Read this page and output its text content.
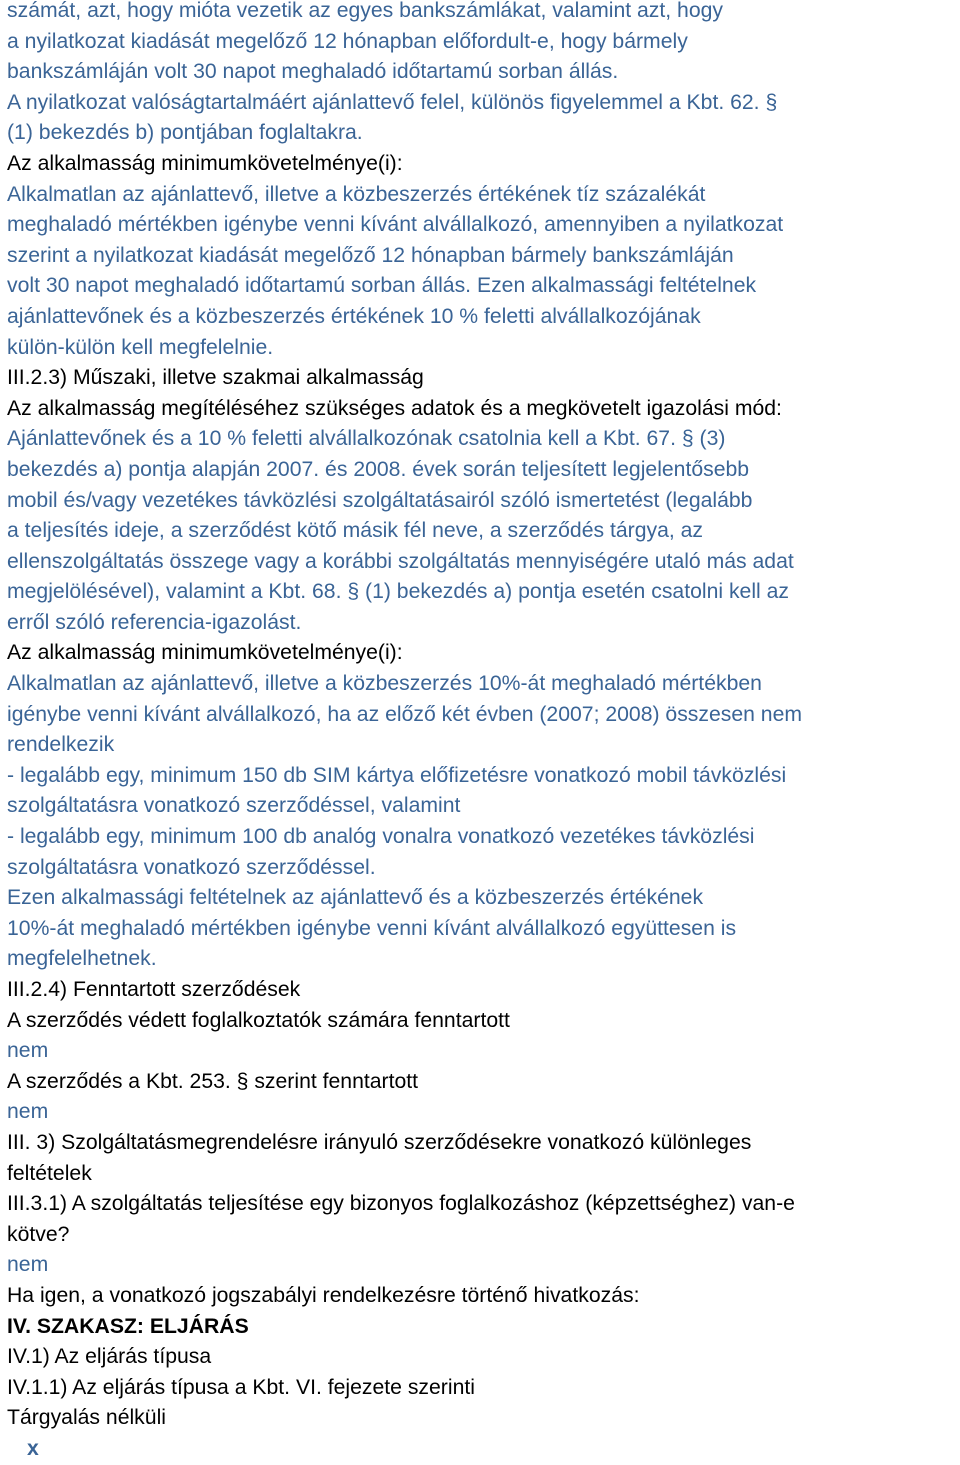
számát, azt, hogy mióta vezetik az egyes bankszámlákat, valamint azt, hogy
a nyilatkozat kiadását megelőző 12 hónapban előfordult-e, hogy bármely
bankszámláján volt 30 napot meghaladó időtartamú sorban állás.
A nyilatkozat valóságtartalmáért ajánlattevő felel, különös figyelemmel a Kbt. 62. §
(1) bekezdés b) pontjában foglaltakra.
Az alkalmasság minimumkövetelménye(i):
Alkalmatlan az ajánlattevő, illetve a közbeszerzés értékének tíz százalékát
meghaladó mértékben igénybe venni kívánt alvállalkozó, amennyiben a nyilatkozat
szerint a nyilatkozat kiadását megelőző 12 hónapban bármely bankszámláján
volt 30 napot meghaladó időtartamú sorban állás. Ezen alkalmassági feltételnek
ajánlattevőnek és a közbeszerzés értékének 10 % feletti alvállalkozójának
külön-külön kell megfelelnie.
III.2.3) Műszaki, illetve szakmai alkalmasság
Az alkalmasság megítéléséhez szükséges adatok és a megkövetelt igazolási mód:
Ajánlattevőnek és a 10 % feletti alvállalkozónak csatolnia kell a Kbt. 67. § (3)
bekezdés a) pontja alapján 2007. és 2008. évek során teljesített legjelentősebb
mobil és/vagy vezetékes távközlési szolgáltatásairól szóló ismertetést (legalább
a teljesítés ideje, a szerződést kötő másik fél neve, a szerződés tárgya, az
ellenszolgáltatás összege vagy a korábbi szolgáltatás mennyiségére utaló más adat
megjelölésével), valamint a Kbt. 68. § (1) bekezdés a) pontja esetén csatolni kell az
erről szóló referencia-igazolást.
Az alkalmasság minimumkövetelménye(i):
Alkalmatlan az ajánlattevő, illetve a közbeszerzés 10%-át meghaladó mértékben
igénybe venni kívánt alvállalkozó, ha az előző két évben (2007; 2008) összesen nem
rendelkezik
- legalább egy, minimum 150 db SIM kártya előfizetésre vonatkozó mobil távközlési
szolgáltatásra vonatkozó szerződéssel, valamint
- legalább egy, minimum 100 db analóg vonalra vonatkozó vezetékes távközlési
szolgáltatásra vonatkozó szerződéssel.
Ezen alkalmassági feltételnek az ajánlattevő és a közbeszerzés értékének
10%-át meghaladó mértékben igénybe venni kívánt alvállalkozó együttesen is
megfelelhetnek.
III.2.4) Fenntartott szerződések
A szerződés védett foglalkoztatók számára fenntartott
nem
A szerződés a Kbt. 253. § szerint fenntartott
nem
III. 3) Szolgáltatásmegrendelésre irányuló szerződésekre vonatkozó különleges
feltételek
III.3.1) A szolgáltatás teljesítése egy bizonyos foglalkozáshoz (képzettséghez) van-e
kötve?
nem
Ha igen, a vonatkozó jogszabályi rendelkezésre történő hivatkozás:
IV. SZAKASZ: ELJÁRÁS
IV.1) Az eljárás típusa
IV.1.1) Az eljárás típusa a Kbt. VI. fejezete szerinti
Tárgyalás nélküli
x
